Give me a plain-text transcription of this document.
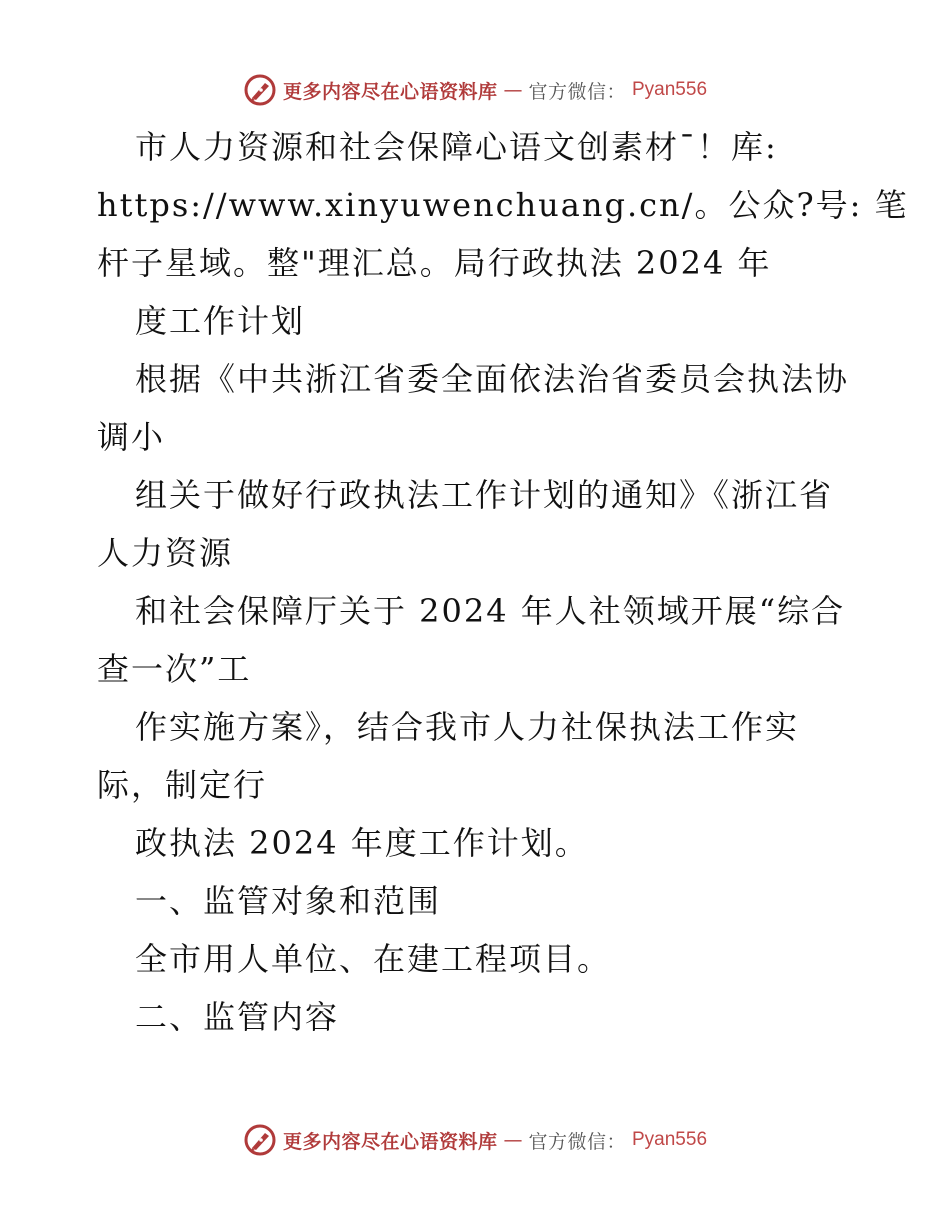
更多内容尽在心语资料库 — 官方微信： Pyan556
市人力资源和社会保障心语文创素材¯！库:
https://www.xinyuwenchuang.cn/。公众?号: 笔
杆子星域。整"理汇总。局行政执法 2024 年
度工作计划
根据《中共浙江省委全面依法治省委员会执法协
调小
组关于做好行政执法工作计划的通知》《浙江省
人力资源
和社会保障厅关于 2024 年人社领域开展“综合
查一次”工
作实施方案》，结合我市人力社保执法工作实
际，制定行
政执法 2024 年度工作计划。
一、监管对象和范围
全市用人单位、在建工程项目。
二、监管内容
更多内容尽在心语资料库 — 官方微信： Pyan556
